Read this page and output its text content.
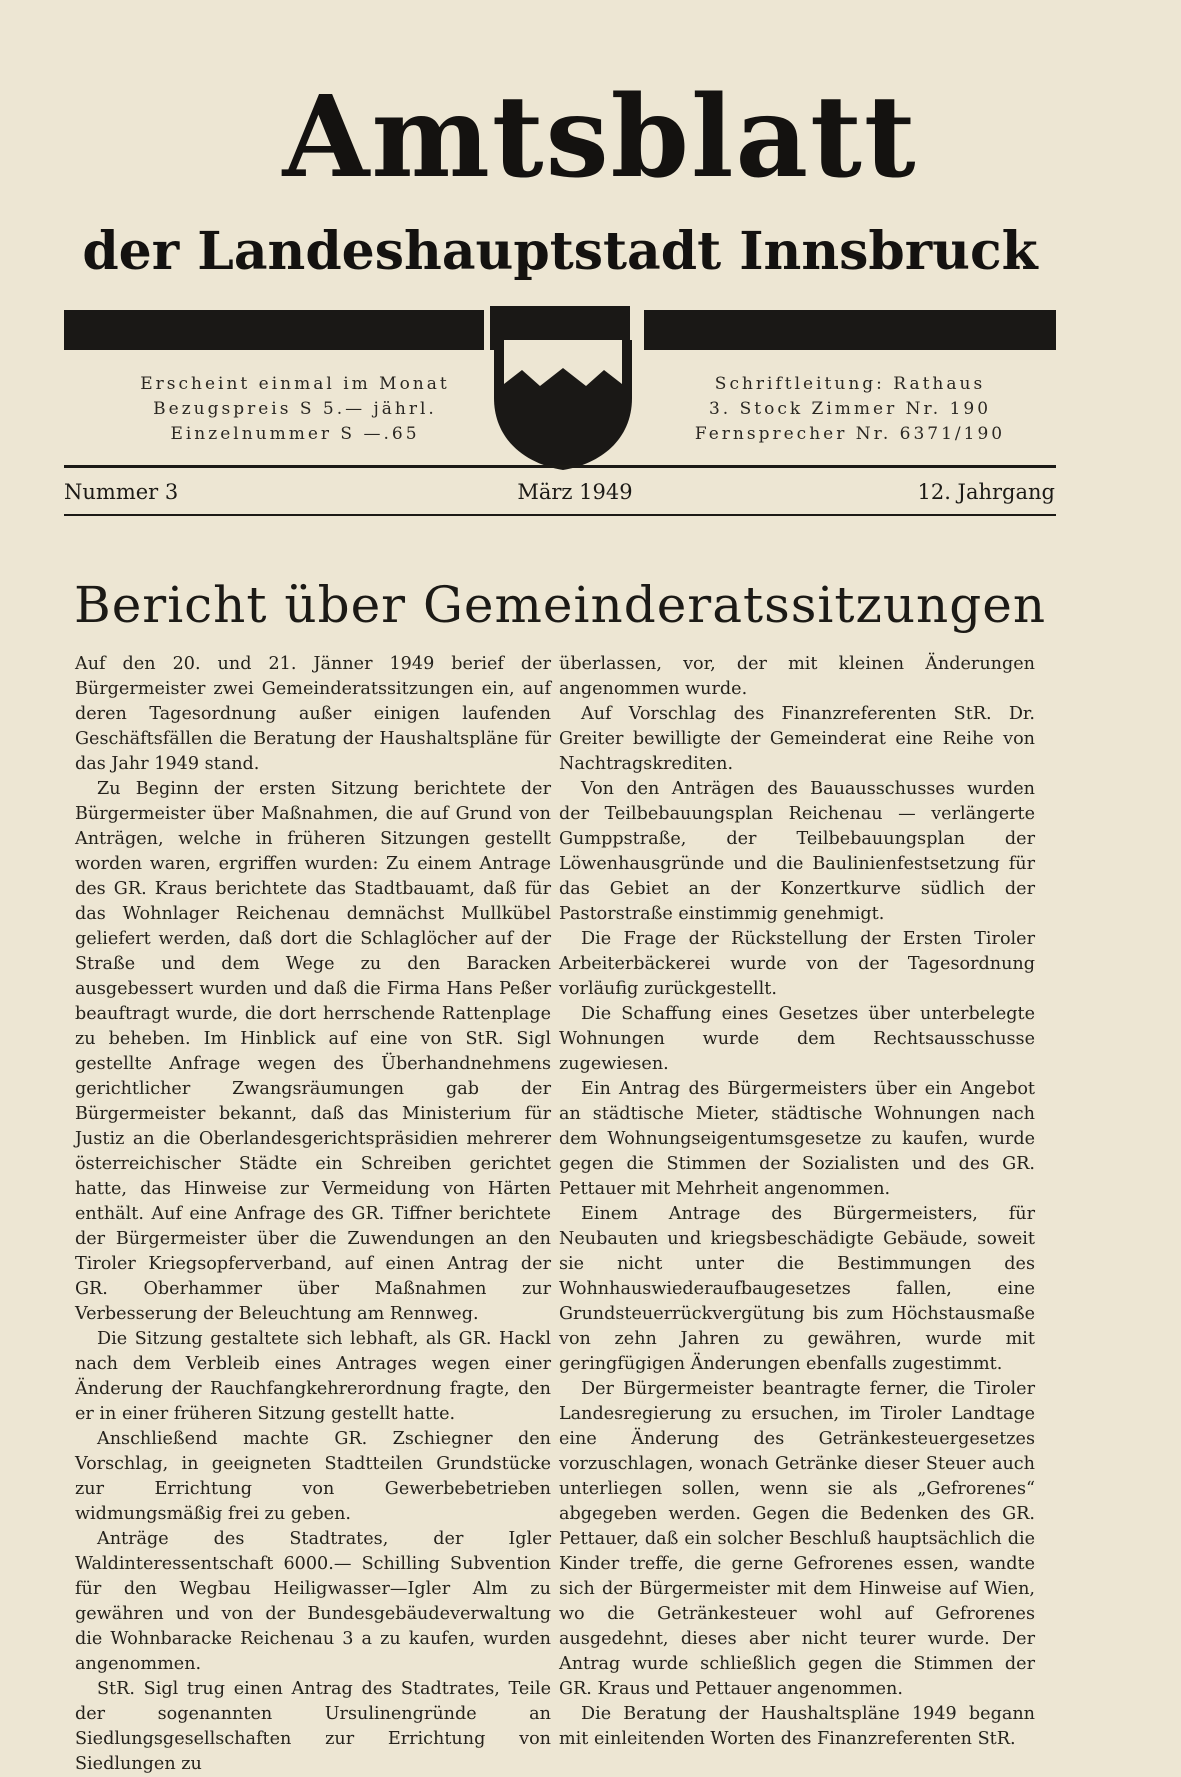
Amtsblatt
der Landeshauptstadt Innsbruck
Erscheint einmal im Monat
Bezugspreis S 5.— jährl.
Einzelnummer S —.65
Schriftleitung: Rathaus
3. Stock Zimmer Nr. 190
Fernsprecher Nr. 6371/190
Nummer 3	März 1949	12. Jahrgang
Bericht über Gemeinderatssitzungen

Auf den 20. und 21. Jänner 1949 berief der Bürgermeister zwei Gemeinderatssitzungen ein, auf deren Tagesordnung außer einigen laufenden Geschäftsfällen die Beratung der Haushaltspläne für das Jahr 1949 stand.

Zu Beginn der ersten Sitzung berichtete der Bürgermeister über Maßnahmen, die auf Grund von Anträgen, welche in früheren Sitzungen gestellt worden waren, ergriffen wurden: Zu einem Antrage des GR. Kraus berichtete das Stadtbauamt, daß für das Wohnlager Reichenau demnächst Mullkübel geliefert werden, daß dort die Schlaglöcher auf der Straße und dem Wege zu den Baracken ausgebessert wurden und daß die Firma Hans Peßer beauftragt wurde, die dort herrschende Rattenplage zu beheben. Im Hinblick auf eine von StR. Sigl gestellte Anfrage wegen des Überhandnehmens gerichtlicher Zwangsräumungen gab der Bürgermeister bekannt, daß das Ministerium für Justiz an die Oberlandesgerichtspräsidien mehrerer österreichischer Städte ein Schreiben gerichtet hatte, das Hinweise zur Vermeidung von Härten enthält. Auf eine Anfrage des GR. Tiffner berichtete der Bürgermeister über die Zuwendungen an den Tiroler Kriegsopferverband, auf einen Antrag der GR. Oberhammer über Maßnahmen zur Verbesserung der Beleuchtung am Rennweg.

Die Sitzung gestaltete sich lebhaft, als GR. Hackl nach dem Verbleib eines Antrages wegen einer Änderung der Rauchfangkehrerordnung fragte, den er in einer früheren Sitzung gestellt hatte.

Anschließend machte GR. Zschiegner den Vorschlag, in geeigneten Stadtteilen Grundstücke zur Errichtung von Gewerbebetrieben widmungsmäßig frei zu geben.

Anträge des Stadtrates, der Igler Waldinteressentschaft 6000.— Schilling Subvention für den Wegbau Heiligwasser—Igler Alm zu gewähren und von der Bundesgebäudeverwaltung die Wohnbaracke Reichenau 3 a zu kaufen, wurden angenommen.

StR. Sigl trug einen Antrag des Stadtrates, Teile der sogenannten Ursulinengründe an Siedlungsgesellschaften zur Errichtung von Siedlungen zu

überlassen, vor, der mit kleinen Änderungen angenommen wurde.

Auf Vorschlag des Finanzreferenten StR. Dr. Greiter bewilligte der Gemeinderat eine Reihe von Nachtragskrediten.

Von den Anträgen des Bauausschusses wurden der Teilbebauungsplan Reichenau — verlängerte Gumppstraße, der Teilbebauungsplan der Löwenhausgründe und die Baulinienfestsetzung für das Gebiet an der Konzertkurve südlich der Pastorstraße einstimmig genehmigt.

Die Frage der Rückstellung der Ersten Tiroler Arbeiterbäckerei wurde von der Tagesordnung vorläufig zurückgestellt.

Die Schaffung eines Gesetzes über unterbelegte Wohnungen wurde dem Rechtsausschusse zugewiesen.

Ein Antrag des Bürgermeisters über ein Angebot an städtische Mieter, städtische Wohnungen nach dem Wohnungseigentumsgesetze zu kaufen, wurde gegen die Stimmen der Sozialisten und des GR. Pettauer mit Mehrheit angenommen.

Einem Antrage des Bürgermeisters, für Neubauten und kriegsbeschädigte Gebäude, soweit sie nicht unter die Bestimmungen des Wohnhauswiederaufbaugesetzes fallen, eine Grundsteuerrückvergütung bis zum Höchstausmaße von zehn Jahren zu gewähren, wurde mit geringfügigen Änderungen ebenfalls zugestimmt.

Der Bürgermeister beantragte ferner, die Tiroler Landesregierung zu ersuchen, im Tiroler Landtage eine Änderung des Getränkesteuergesetzes vorzuschlagen, wonach Getränke dieser Steuer auch unterliegen sollen, wenn sie als „Gefrorenes“ abgegeben werden. Gegen die Bedenken des GR. Pettauer, daß ein solcher Beschluß hauptsächlich die Kinder treffe, die gerne Gefrorenes essen, wandte sich der Bürgermeister mit dem Hinweise auf Wien, wo die Getränkesteuer wohl auf Gefrorenes ausgedehnt, dieses aber nicht teurer wurde. Der Antrag wurde schließlich gegen die Stimmen der GR. Kraus und Pettauer angenommen.

Die Beratung der Haushaltspläne 1949 begann mit einleitenden Worten des Finanzreferenten StR.
